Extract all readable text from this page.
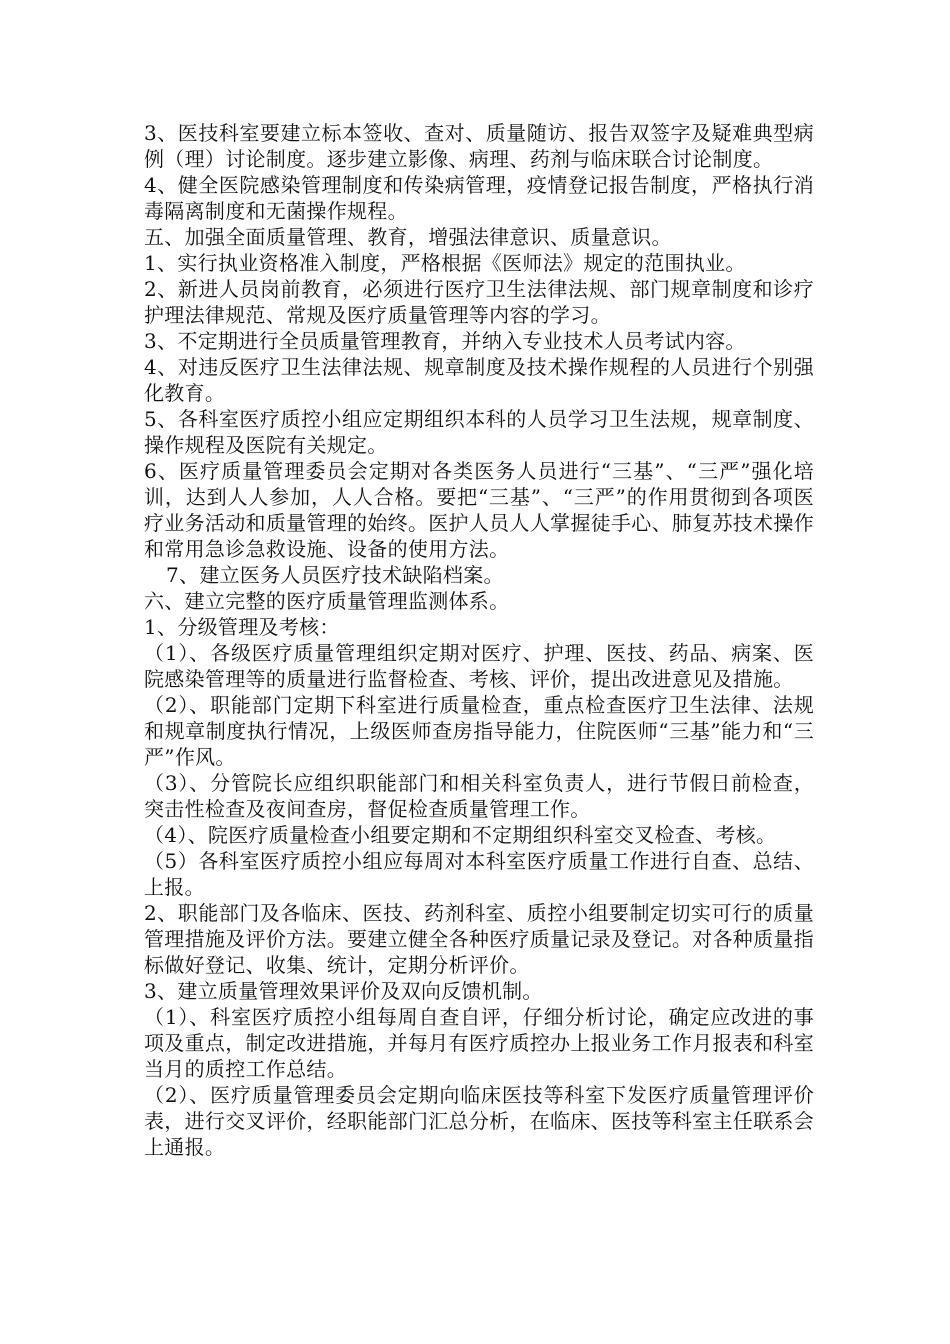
3、医技科室要建立标本签收、查对、质量随访、报告双签字及疑难典型病例（理）讨论制度。逐步建立影像、病理、药剂与临床联合讨论制度。

4、健全医院感染管理制度和传染病管理，疫情登记报告制度，严格执行消毒隔离制度和无菌操作规程。

五、加强全面质量管理、教育，增强法律意识、质量意识。

1、实行执业资格准入制度，严格根据《医师法》规定的范围执业。

2、新进人员岗前教育，必须进行医疗卫生法律法规、部门规章制度和诊疗护理法律规范、常规及医疗质量管理等内容的学习。

3、不定期进行全员质量管理教育，并纳入专业技术人员考试内容。

4、对违反医疗卫生法律法规、规章制度及技术操作规程的人员进行个别强化教育。

5、各科室医疗质控小组应定期组织本科的人员学习卫生法规，规章制度、操作规程及医院有关规定。

6、医疗质量管理委员会定期对各类医务人员进行“三基”、“三严”强化培训，达到人人参加，人人合格。要把“三基”、“三严”的作用贯彻到各项医疗业务活动和质量管理的始终。医护人员人人掌握徒手心、肺复苏技术操作和常用急诊急救设施、设备的使用方法。

7、建立医务人员医疗技术缺陷档案。

六、建立完整的医疗质量管理监测体系。

1、分级管理及考核：

（1）、各级医疗质量管理组织定期对医疗、护理、医技、药品、病案、医院感染管理等的质量进行监督检查、考核、评价，提出改进意见及措施。

（2）、职能部门定期下科室进行质量检查，重点检查医疗卫生法律、法规和规章制度执行情况，上级医师查房指导能力，住院医师“三基”能力和“三严”作风。

（3）、分管院长应组织职能部门和相关科室负责人，进行节假日前检查，突击性检查及夜间查房，督促检查质量管理工作。

（4）、院医疗质量检查小组要定期和不定期组织科室交叉检查、考核。

（5）各科室医疗质控小组应每周对本科室医疗质量工作进行自查、总结、上报。

2、职能部门及各临床、医技、药剂科室、质控小组要制定切实可行的质量管理措施及评价方法。要建立健全各种医疗质量记录及登记。对各种质量指标做好登记、收集、统计，定期分析评价。

3、建立质量管理效果评价及双向反馈机制。

（1）、科室医疗质控小组每周自查自评，仔细分析讨论，确定应改进的事项及重点，制定改进措施，并每月有医疗质控办上报业务工作月报表和科室当月的质控工作总结。

（2）、医疗质量管理委员会定期向临床医技等科室下发医疗质量管理评价表，进行交叉评价，经职能部门汇总分析，在临床、医技等科室主任联系会上通报。
